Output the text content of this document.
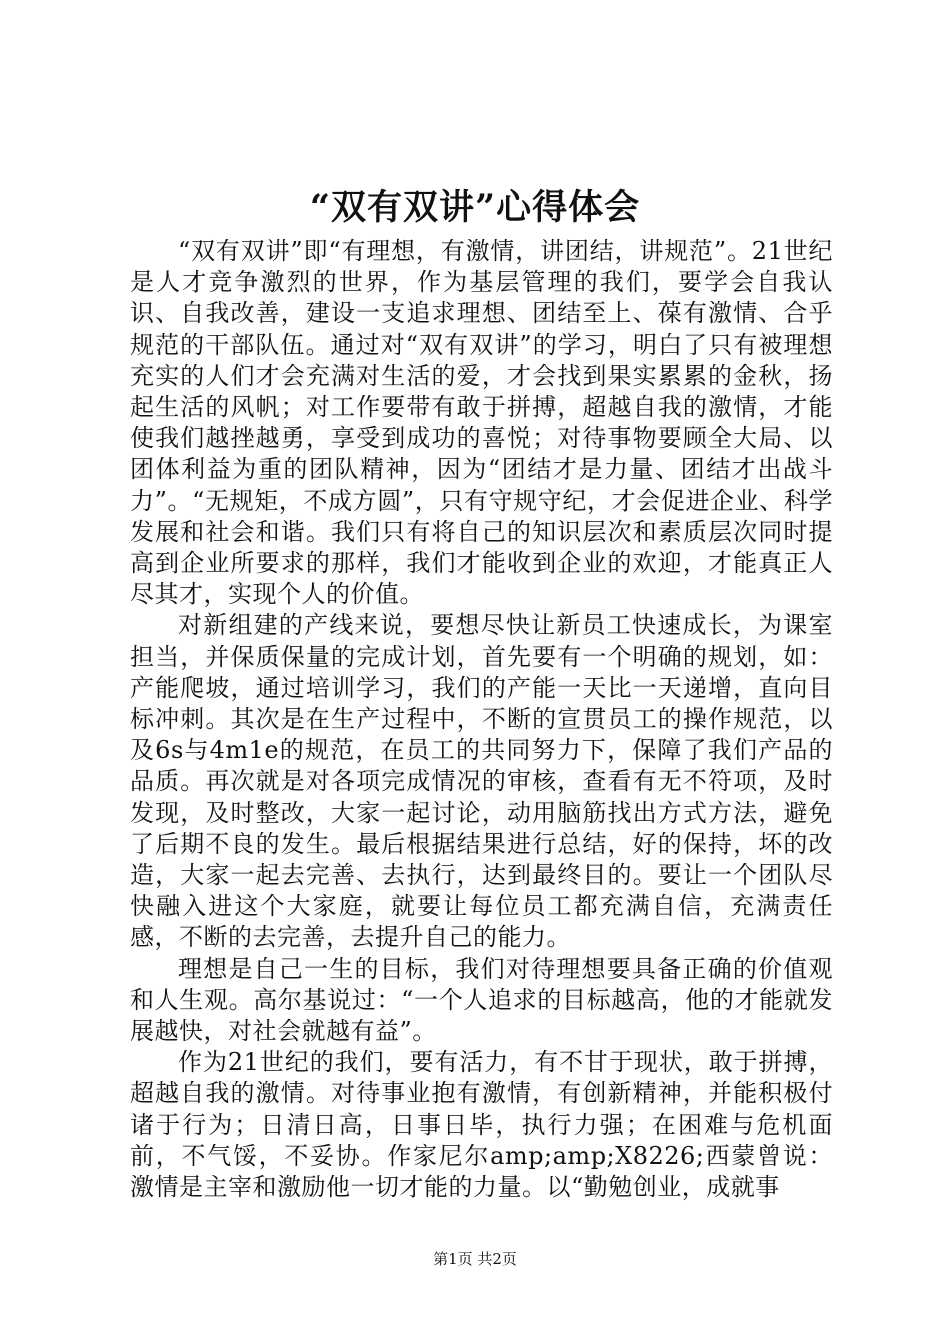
“双有双讲”心得体会

“双有双讲”即“有理想，有激情，讲团结，讲规范”。21世纪是人才竞争激烈的世界，作为基层管理的我们，要学会自我认识、自我改善，建设一支追求理想、团结至上、葆有激情、合乎规范的干部队伍。通过对“双有双讲”的学习，明白了只有被理想充实的人们才会充满对生活的爱，才会找到果实累累的金秋，扬起生活的风帆；对工作要带有敢于拼搏，超越自我的激情，才能使我们越挫越勇，享受到成功的喜悦；对待事物要顾全大局、以团体利益为重的团队精神，因为“团结才是力量、团结才出战斗力”。“无规矩，不成方圆”，只有守规守纪，才会促进企业、科学发展和社会和谐。我们只有将自己的知识层次和素质层次同时提高到企业所要求的那样，我们才能收到企业的欢迎，才能真正人尽其才，实现个人的价值。

对新组建的产线来说，要想尽快让新员工快速成长，为课室担当，并保质保量的完成计划，首先要有一个明确的规划，如：产能爬坡，通过培训学习，我们的产能一天比一天递增，直向目标冲刺。其次是在生产过程中，不断的宣贯员工的操作规范，以及6s与4m1e的规范，在员工的共同努力下，保障了我们产品的品质。再次就是对各项完成情况的审核，查看有无不符项，及时发现，及时整改，大家一起讨论，动用脑筋找出方式方法，避免了后期不良的发生。最后根据结果进行总结，好的保持，坏的改造，大家一起去完善、去执行，达到最终目的。要让一个团队尽快融入进这个大家庭，就要让每位员工都充满自信，充满责任感，不断的去完善，去提升自己的能力。

理想是自己一生的目标，我们对待理想要具备正确的价值观和人生观。高尔基说过：“一个人追求的目标越高，他的才能就发展越快，对社会就越有益”。

作为21世纪的我们，要有活力，有不甘于现状，敢于拼搏，超越自我的激情。对待事业抱有激情，有创新精神，并能积极付诸于行为；日清日高，日事日毕，执行力强；在困难与危机面前，不气馁，不妥协。作家尼尔amp;amp;X8226;西蒙曾说：激情是主宰和激励他一切才能的力量。以“勤勉创业，成就事

第1页 共2页
